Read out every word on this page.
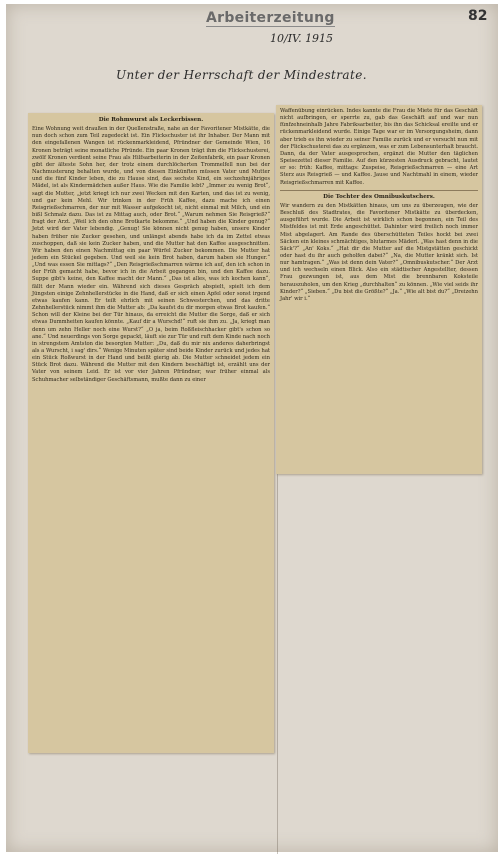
Arbeiterzeitung	82
10/IV. 1915
Unter der Herrschaft der Mindestrate.
Die Rohmwurst als Leckerbissen.

Eine Wohnung weit draußen in der Quellenstraße, nahe an der Favoritener Mistkätte, die nun doch schon zum Teil zugedeckt ist. Ein Flickschuster ist ihr Inhaber. Der Mann mit den eingefallenen Wangen ist rückenmarkleidend, Pfründner der Gemeinde Wien, 16 Kronen beträgt seine monatliche Pfründe. Ein paar Kronen trägt ihm die Flickschusterei, zwölf Kronen verdient seine Frau als Hilfsarbeiterin in der Zeitenfabrik, ein paar Kronen gibt der älteste Sohn her, der trotz einem durchlöcherten Trommelfell nun bei der Nachmusterung behalten wurde, und von diesen Einkünften müssen Vater und Mutter und die fünf Kinder leben, die zu Hause sind, das sechste Kind, ein sechzehnjähriges Mädel, ist als Kindermädchen außer Haus. Wie die Familie lebt? „Immer zu wenig Brot“, sagt die Mutter, „jetzt kriegt ich nur zwei Wecken mit den Karten, und das ist zu wenig, und gar kein Mehl. Wir trinken in der Früh Kaffee, dazu mache ich einen Reisgrießschmarren, der nur mit Wasser aufgekocht ist, nicht einmal mit Milch, und ein bißl Schmalz dazu. Das ist zu Mittag auch, oder Brot.“ „Warum nehmen Sie Reisgrieß?“ fragt der Arzt. „Weil ich den ohne Brotkarte bekomme.“ „Und haben die Kinder genug?“ Jetzt wird der Vater lebendig. „Genug! Sie können nicht genug haben, unsere Kinder haben früher nie Zucker gesehen, und unlängst abends habe ich da im Zettel etwas zuschoppen, daß sie kein Zucker haben, und die Mutter hat den Kaffee ausgeschnitten. Wir haben den einen Nachmittag ein paar Würfel Zucker bekommen. Die Mutter hat jedem ein Stückel gegeben. Und weil sie kein Brot haben, darum haben sie Hunger.“ „Und was essen Sie mittags?“ „Den Reisgrießschmarren wärme ich auf, den ich schon in der Früh gemacht habe, bevor ich in die Arbeit gegangen bin, und den Kaffee dazu. Suppe gibt's keine, den Kaffee macht der Mann.“ „Das ist alles, was ich kochen kann“, fällt der Mann wieder ein. Während sich dieses Gespräch abspielt, spielt ich dem Jüngsten einige Zehnhellerstücke in die Hand, daß er sich einen Apfel oder sonst irgend etwas kaufen kann. Er teilt ehrlich mit seinen Schwesterchen, und das dritte Zehnhellerstück nimmt ihm die Mutter ab: „Da kaufst du dir morgen etwas Brot kaufen.“ Schon will der Kleine bei der Tür hinaus, da erreicht die Mutter die Sorge, daß er sich etwas Dummheiten kaufen könnte. „Kauf dir a Wurschd!“ ruft sie ihm zu. „Ja, kriegt man denn um zehn Heller noch eine Wurst?“ „O ja, beim Roßfleischhacker gibt's schon so ane.“ Und neuerdings von Sorge gepackt, läuft sie zur Tür und ruft dem Kinde nach noch in strengstem Amtston die besorgten Mutter: „Du, daß du mir nix anderes daherbringst als a Wurscht, i sag' dirs.“ Wenige Minuten später sind beide Kinder zurück und jedes hat ein Stück Roßwurst in der Hand und beißt gierig ab. Die Mutter schneidet jedem ein Stück Brot dazu. Während die Mutter mit den Kindern beschäftigt ist, erzählt uns der Vater von seinem Leid. Er ist vor vier Jahren Pfründner, war früher einmal als Schuhmacher selbständiger Geschäftsmann, mußte dann zu einer

Waffenübung einrücken. Indes kannte die Frau die Miete für das Geschäft nicht aufbringen, er sperrte zu, gab das Geschäft auf und war nun fünfzehneinhalb Jahre Fabriksarbeiter, bis ihn das Schicksal ereilte und er rückenmarkleidend wurde. Einige Tage war er im Versorgungsheim, dann aber trieb es ihn wieder zu seiner Familie zurück und er versucht nun mit der Flickschusterei das zu ergänzen, was er zum Lebensunterhalt braucht. Dann, da der Vater ausgesprochen, ergänzt die Mutter den täglichen Speisezettel dieser Familie. Auf den kürzesten Ausdruck gebracht, lautet er so: früh: Kaffee, mittags: Zuspeise, Reisgrießschmarren — eine Art Sterz aus Reisgrieß — und Kaffee. Jause und Nachtmahl in einem, wieder Reisgrießschmarren mit Kaffee.

Die Tochter des Omnibuskutschers.

Wir wandern zu den Mistkätten hinaus, um uns zu überzeugen, wie der Beschluß des Stadtrates, die Favoritener Mistkätte zu überdecken, ausgeführt wurde. Die Arbeit ist wirklich schon begonnen, ein Teil des Mistfeldes ist mit Erde angeschüttet. Dahinter wird freilich noch immer Mist abgelagert. Am Rande des überschütteten Teiles hockt bei zwei Säcken ein kleines schmächtiges, blutarmes Mäderl. „Was hast denn in die Säck'?“ „An' Koks.“ „Hat dir die Mutter auf die Mistgstätten geschickt oder hast du ihr auch geholfen dabei?“ „Na, die Mutter kränkt sich. Ist nur hamtragen.“ „Was ist denn dein Vater?“ „Omnibuskutscher.“ Der Arzt und ich wechseln einen Blick. Also ein städtischer Angestellter, dessen Frau gezwungen ist, aus dem Mist die brennbaren Koksteile herauszuholen, um den Krieg „durchhalten“ zu können. „Wie viel seids ihr Kinder?“ „Sieben.“ „Du bist die Größte?“ „Ja.“ „Wie alt bist du?“ „Dreizehn Jahr' wir i.“
